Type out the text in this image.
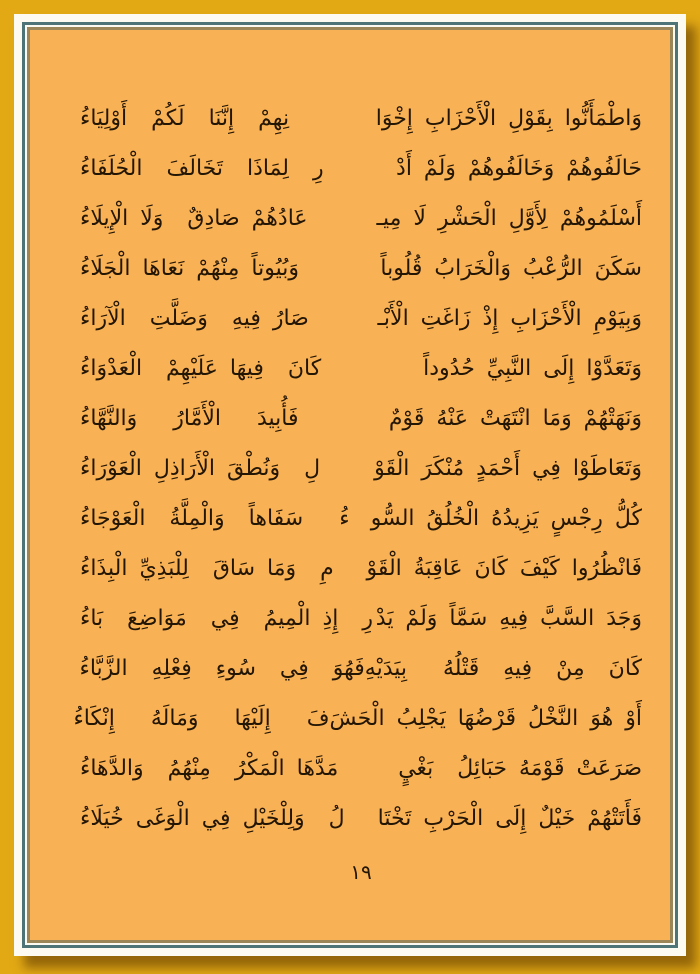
وَاطْمَأَنُّوا بِقَوْلِ الْأَحْزَابِ إِخْوَا
نِهِمْ  إِنَّنَا  لَكُمْ  أَوْلِيَاءُ
حَالَفُوهُمْ وَخَالَفُوهُمْ وَلَمْ أَدْ
رِ  لِمَاذَا  تَخَالَفَ  الْحُلَفَاءُ
أَسْلَمُوهُمْ لِأَوَّلِ الْحَشْرِ لَا مِيـ
عَادُهُمْ صَادِقٌ  وَلَا الْإِيلَاءُ
سَكَنَ الرُّعْبُ وَالْخَرَابُ قُلُوباً
وَبُيُوتاً مِنْهُمْ نَعَاهَا الْجَلَاءُ
وَبِيَوْمِ الْأَحْزَابِ إِذْ زَاغَتِ الْأَبْـ
صَارُ فِيهِ  وَضَلَّتِ  الْآرَاءُ
وَتَعَدَّوْا إِلَى النَّبِيِّ حُدُوداً
كَانَ  فِيهَا عَلَيْهِمْ  الْعَدْوَاءُ
وَنَهَتْهُمْ وَمَا انْتَهَتْ عَنْهُ قَوْمٌ
فَأُبِيدَ   الْأَمَّارُ   وَالنَّهَّاءُ
وَتَعَاطَوْا فِي أَحْمَدٍ مُنْكَرَ الْقَوْ
لِ  وَنُطْقَ الْأَرَاذِلِ الْعَوْرَاءُ
كُلُّ رِجْسٍ يَزِيدُهُ الْخُلُقُ السُّو
ءُ   سَفَاهاً  وَالْمِلَّةُ  الْعَوْجَاءُ
فَانْظُرُوا كَيْفَ كَانَ عَاقِبَةُ الْقَوْ
مِ  وَمَا سَاقَ  لِلْبَذِيِّ الْبِذَاءُ
وَجَدَ السَّبَّ فِيهِ سَمَّاً وَلَمْ يَدْ
رِ  إِذِ الْمِيمُ  فِي  مَوَاضِعَ  بَاءُ
كَانَ  مِنْ  فِيهِ  قَتْلُهُ   بِيَدَيْهِ
فَهُوَ  فِي  سُوءِ  فِعْلِهِ  الزَّبَّاءُ
أَوْ هُوَ النَّخْلُ قَرْضُهَا يَجْلِبُ الْحَشَ
فَ   إِلَيْهَا   وَمَالَهُ   إِنْكَاءُ
صَرَعَتْ قَوْمَهُ حَبَائِلُ  بَغْيٍ
مَدَّهَا الْمَكْرُ  مِنْهُمُ  وَالدَّهَاءُ
فَأَتَتْهُمْ خَيْلٌ إِلَى الْحَرْبِ تَخْتَا
لُ  وَلِلْخَيْلِ فِي الْوَغَى خُيَلَاءُ
١٩
